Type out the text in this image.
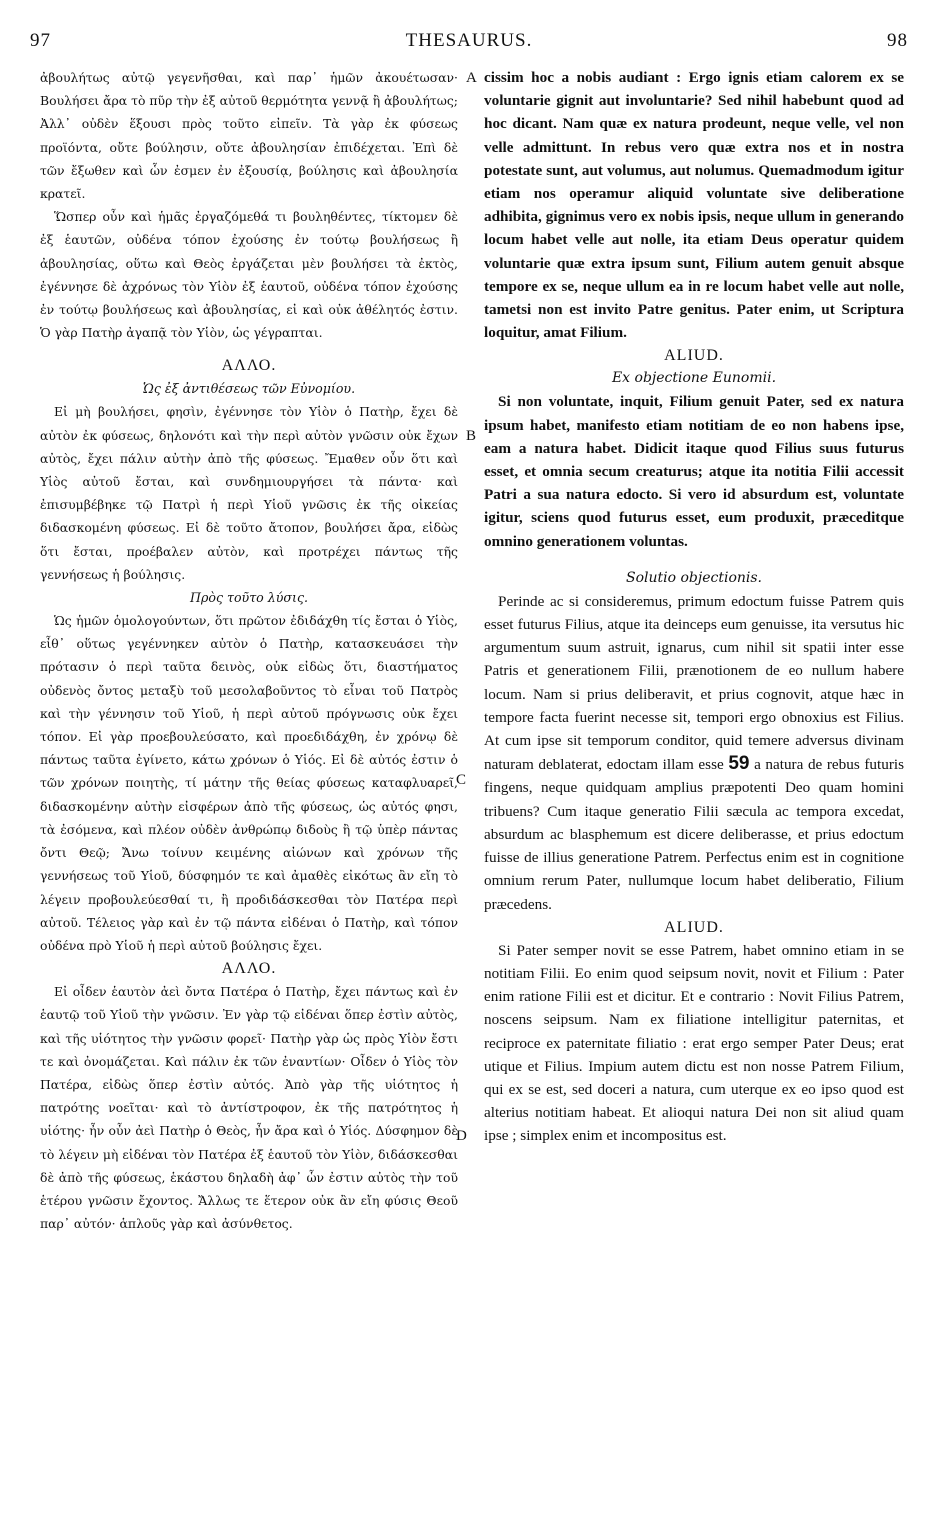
97	THESAURUS.	98
A
B
C
D

ἀβουλήτως αὐτῷ γεγενῆσθαι, καὶ παρ᾽ ἡμῶν ἀκουέτωσαν· Βουλήσει ἄρα τὸ πῦρ τὴν ἐξ αὐτοῦ θερμότητα γεννᾷ ἢ ἀβουλήτως; Ἀλλ᾽ οὐδὲν ἕξουσι πρὸς τοῦτο εἰπεῖν. Τὰ γὰρ ἐκ φύσεως προϊόντα, οὔτε βούλησιν, οὔτε ἀβουλησίαν ἐπιδέχεται. Ἐπὶ δὲ τῶν ἔξωθεν καὶ ὧν ἐσμεν ἐν ἐξουσίᾳ, βούλησις καὶ ἀβουλησία κρατεῖ.

Ὥσπερ οὖν καὶ ἡμᾶς ἐργαζόμεθά τι βουληθέντες, τίκτομεν δὲ ἐξ ἑαυτῶν, οὐδένα τόπον ἐχούσης ἐν τούτῳ βουλήσεως ἢ ἀβουλησίας, οὕτω καὶ Θεὸς ἐργάζεται μὲν βουλήσει τὰ ἐκτὸς, ἐγέννησε δὲ ἀχρόνως τὸν Υἱὸν ἐξ ἑαυτοῦ, οὐδένα τόπον ἐχούσης ἐν τούτῳ βουλήσεως καὶ ἀβουλησίας, εἰ καὶ οὐκ ἀθέλητός ἐστιν. Ὁ γὰρ Πατὴρ ἀγαπᾷ τὸν Υἱὸν, ὡς γέγραπται.

ΑΛΛΟ.
Ὡς ἐξ ἀντιθέσεως τῶν Εὐνομίου.

Εἰ μὴ βουλήσει, φησὶν, ἐγέννησε τὸν Υἱὸν ὁ Πατὴρ, ἔχει δὲ αὐτὸν ἐκ φύσεως, δηλονότι καὶ τὴν περὶ αὐτὸν γνῶσιν οὐκ ἔχων αὐτὸς, ἔχει πάλιν αὐτὴν ἀπὸ τῆς φύσεως. Ἔμαθεν οὖν ὅτι καὶ Υἱὸς αὐτοῦ ἔσται, καὶ συνδημιουργήσει τὰ πάντα· καὶ ἐπισυμβέβηκε τῷ Πατρὶ ἡ περὶ Υἱοῦ γνῶσις ἐκ τῆς οἰκείας διδασκομένη φύσεως. Εἰ δὲ τοῦτο ἄτοπον, βουλήσει ἄρα, εἰδὼς ὅτι ἔσται, προέβαλεν αὐτὸν, καὶ προτρέχει πάντως τῆς γεννήσεως ἡ βούλησις.

Πρὸς τοῦτο λύσις.

Ὡς ἡμῶν ὁμολογούντων, ὅτι πρῶτον ἐδιδάχθη τίς ἔσται ὁ Υἱὸς, εἶθ᾽ οὕτως γεγέννηκεν αὐτὸν ὁ Πατὴρ, κατασκευάσει τὴν πρότασιν ὁ περὶ ταῦτα δεινὸς, οὐκ εἰδὼς ὅτι, διαστήματος οὐδενὸς ὄντος μεταξὺ τοῦ μεσολαβοῦντος τὸ εἶναι τοῦ Πατρὸς καὶ τὴν γέννησιν τοῦ Υἱοῦ, ἡ περὶ αὐτοῦ πρόγνωσις οὐκ ἔχει τόπον. Εἰ γὰρ προεβουλεύσατο, καὶ προεδιδάχθη, ἐν χρόνῳ δὲ πάντως ταῦτα ἐγίνετο, κάτω χρόνων ὁ Υἱός. Εἰ δὲ αὐτός ἐστιν ὁ τῶν χρόνων ποιητὴς, τί μάτην τῆς θείας φύσεως καταφλυαρεῖ, διδασκομένην αὐτὴν εἰσφέρων ἀπὸ τῆς φύσεως, ὡς αὐτός φησι, τὰ ἐσόμενα, καὶ πλέον οὐδὲν ἀνθρώπῳ διδοὺς ἢ τῷ ὑπὲρ πάντας ὄντι Θεῷ; Ἄνω τοίνυν κειμένης αἰώνων καὶ χρόνων τῆς γεννήσεως τοῦ Υἱοῦ, δύσφημόν τε καὶ ἀμαθὲς εἰκότως ἂν εἴη τὸ λέγειν προβουλεύεσθαί τι, ἢ προδιδάσκεσθαι τὸν Πατέρα περὶ αὐτοῦ. Τέλειος γὰρ καὶ ἐν τῷ πάντα εἰδέναι ὁ Πατὴρ, καὶ τόπον οὐδένα πρὸ Υἱοῦ ἡ περὶ αὐτοῦ βούλησις ἔχει.

ΑΛΛΟ.

Εἰ οἶδεν ἑαυτὸν ἀεὶ ὄντα Πατέρα ὁ Πατὴρ, ἔχει πάντως καὶ ἐν ἑαυτῷ τοῦ Υἱοῦ τὴν γνῶσιν. Ἐν γὰρ τῷ εἰδέναι ὅπερ ἐστὶν αὐτὸς, καὶ τῆς υἱότητος τὴν γνῶσιν φορεῖ· Πατὴρ γὰρ ὡς πρὸς Υἱὸν ἔστι τε καὶ ὀνομάζεται. Καὶ πάλιν ἐκ τῶν ἐναντίων· Οἶδεν ὁ Υἱὸς τὸν Πατέρα, εἰδὼς ὅπερ ἐστὶν αὐτός. Ἀπὸ γὰρ τῆς υἱότητος ἡ πατρότης νοεῖται· καὶ τὸ ἀντίστροφον, ἐκ τῆς πατρότητος ἡ υἱότης· ἦν οὖν ἀεὶ Πατὴρ ὁ Θεὸς, ἦν ἄρα καὶ ὁ Υἱός. Δύσφημον δὲ τὸ λέγειν μὴ εἰδέναι τὸν Πατέρα ἐξ ἑαυτοῦ τὸν Υἱὸν, διδάσκεσθαι δὲ ἀπὸ τῆς φύσεως, ἑκάστου δηλαδὴ ἀφ᾽ ὧν ἐστιν αὐτὸς τὴν τοῦ ἑτέρου γνῶσιν ἔχοντος. Ἄλλως τε ἕτερον οὐκ ἂν εἴη φύσις Θεοῦ παρ᾽ αὐτόν· ἁπλοῦς γὰρ καὶ ἀσύνθετος.

cissim hoc a nobis audiant : Ergo ignis etiam calorem ex se voluntarie gignit aut involuntarie? Sed nihil habebunt quod ad hoc dicant. Nam quæ ex natura prodeunt, neque velle, vel non velle admittunt. In rebus vero quæ extra nos et in nostra potestate sunt, aut volumus, aut nolumus. Quemadmodum igitur etiam nos operamur aliquid voluntate sive deliberatione adhibita, gignimus vero ex nobis ipsis, neque ullum in generando locum habet velle aut nolle, ita etiam Deus operatur quidem voluntarie quæ extra ipsum sunt, Filium autem genuit absque tempore ex se, neque ullum ea in re locum habet velle aut nolle, tametsi non est invito Patre genitus. Pater enim, ut Scriptura loquitur, amat Filium.

ALIUD.
Ex objectione Eunomii.

Si non voluntate, inquit, Filium genuit Pater, sed ex natura ipsum habet, manifesto etiam notitiam de eo non habens ipse, eam a natura habet. Didicit itaque quod Filius suus futurus esset, et omnia secum creaturus; atque ita notitia Filii accessit Patri a sua natura edocto. Si vero id absurdum est, voluntate igitur, sciens quod futurus esset, eum produxit, præceditque omnino generationem voluntas.

Solutio objectionis.

Perinde ac si consideremus, primum edoctum fuisse Patrem quis esset futurus Filius, atque ita deinceps eum genuisse, ita versutus hic argumentum suum astruit, ignarus, cum nihil sit spatii inter esse Patris et generationem Filii, prænotionem de eo nullum habere locum. Nam si prius deliberavit, et prius cognovit, atque hæc in tempore facta fuerint necesse sit, tempori ergo obnoxius est Filius. At cum ipse sit temporum conditor, quid temere adversus divinam naturam deblaterat, edoctam illam esse 59 a natura de rebus futuris fingens, neque quidquam amplius præpotenti Deo quam homini tribuens? Cum itaque generatio Filii sæcula ac tempora excedat, absurdum ac blasphemum est dicere deliberasse, et prius edoctum fuisse de illius generatione Patrem. Perfectus enim est in cognitione omnium rerum Pater, nullumque locum habet deliberatio, Filium præcedens.

ALIUD.

Si Pater semper novit se esse Patrem, habet omnino etiam in se notitiam Filii. Eo enim quod seipsum novit, novit et Filium : Pater enim ratione Filii est et dicitur. Et e contrario : Novit Filius Patrem, noscens seipsum. Nam ex filiatione intelligitur paternitas, et reciproce ex paternitate filiatio : erat ergo semper Pater Deus; erat utique et Filius. Impium autem dictu est non nosse Patrem Filium, qui ex se est, sed doceri a natura, cum uterque ex eo ipso quod est alterius notitiam habeat. Et alioqui natura Dei non sit aliud quam ipse ; simplex enim et incompositus est.
